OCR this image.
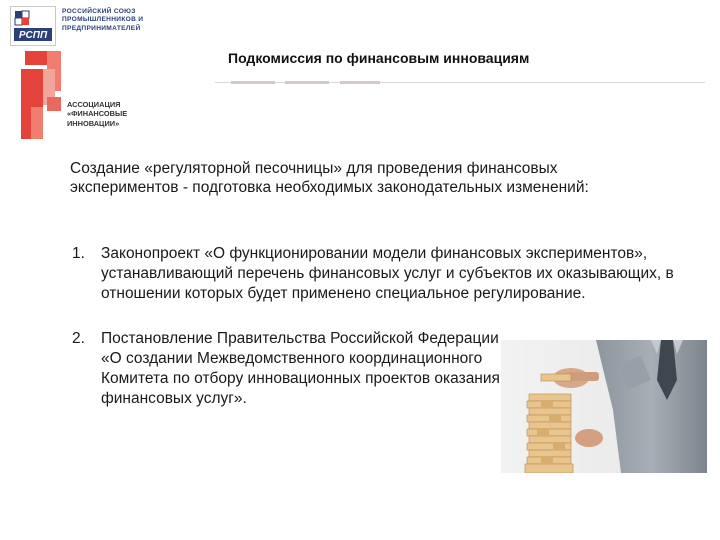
РСПП
РОССИЙСКИЙ СОЮЗ ПРОМЫШЛЕННИКОВ И ПРЕДПРИНИМАТЕЛЕЙ
Подкомиссия по финансовым инновациям
АССОЦИАЦИЯ «ФИНАНСОВЫЕ ИННОВАЦИИ»
Создание «регуляторной песочницы» для проведения финансовых экспериментов - подготовка необходимых законодательных изменений:
1. Законопроект «О функционировании модели финансовых экспериментов», устанавливающий перечень финансовых услуг и субъектов их оказывающих, в отношении которых будет применено специальное регулирование.
2. Постановление Правительства Российской Федерации «О создании Межведомственного координационного Комитета по отбору инновационных проектов оказания финансовых услуг».
